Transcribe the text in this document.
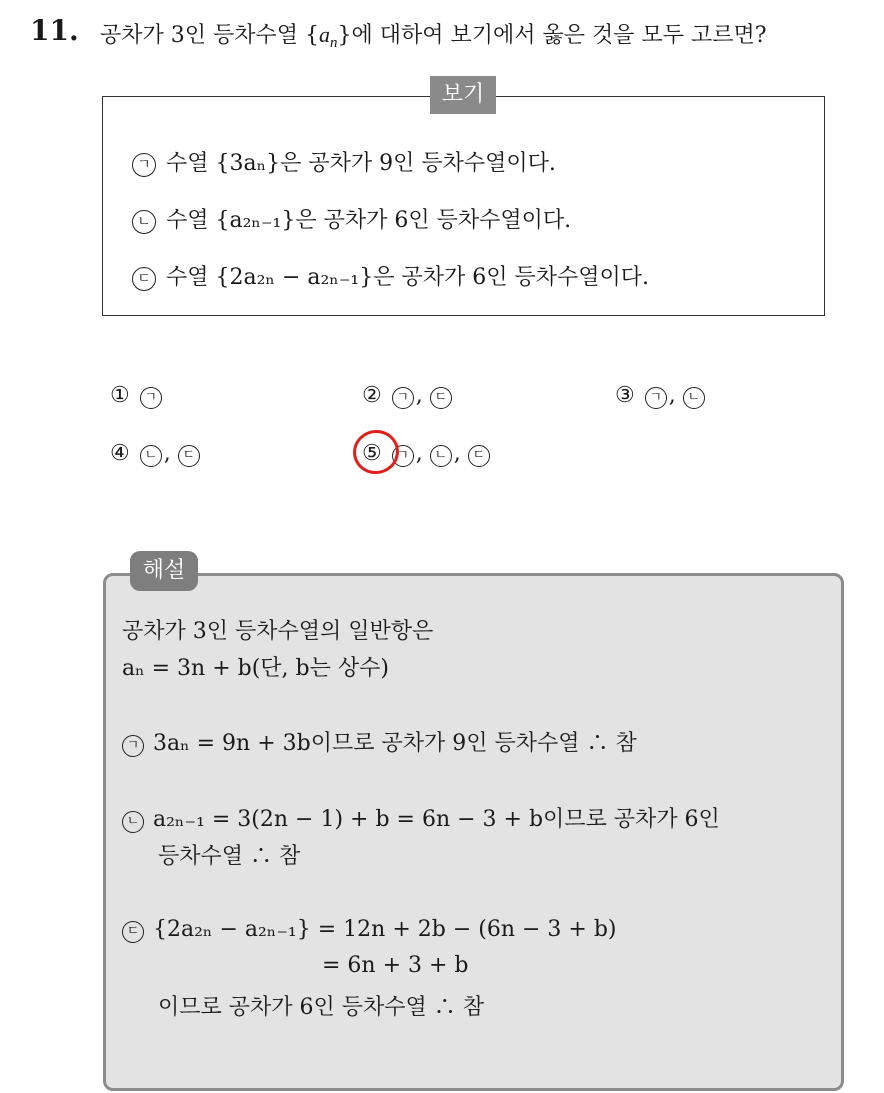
11. 공차가 3인 등차수열 $\{a_n\}$에 대하여 보기에서 옳은 것을 모두 고르면?
보기
ㄱ 수열 {3aₙ}은 공차가 9인 등차수열이다.
ㄴ 수열 {a₂ₙ₋₁}은 공차가 6인 등차수열이다.
ㄷ 수열 {2a₂ₙ − a₂ₙ₋₁}은 공차가 6인 등차수열이다.
① ㄱ	② ㄱ , ㄷ	③ ㄱ , ㄴ
④ ㄴ , ㄷ	⑤ ㄱ , ㄴ , ㄷ
해설
공차가 3인 등차수열의 일반항은
aₙ = 3n + b(단, b는 상수)
ㄱ 3aₙ = 9n + 3b이므로 공차가 9인 등차수열 ∴ 참
ㄴ a₂ₙ₋₁ = 3(2n − 1) + b = 6n − 3 + b이므로 공차가 6인
등차수열 ∴ 참
ㄷ {2a₂ₙ − a₂ₙ₋₁} = 12n + 2b − (6n − 3 + b)
= 6n + 3 + b
이므로 공차가 6인 등차수열 ∴ 참
